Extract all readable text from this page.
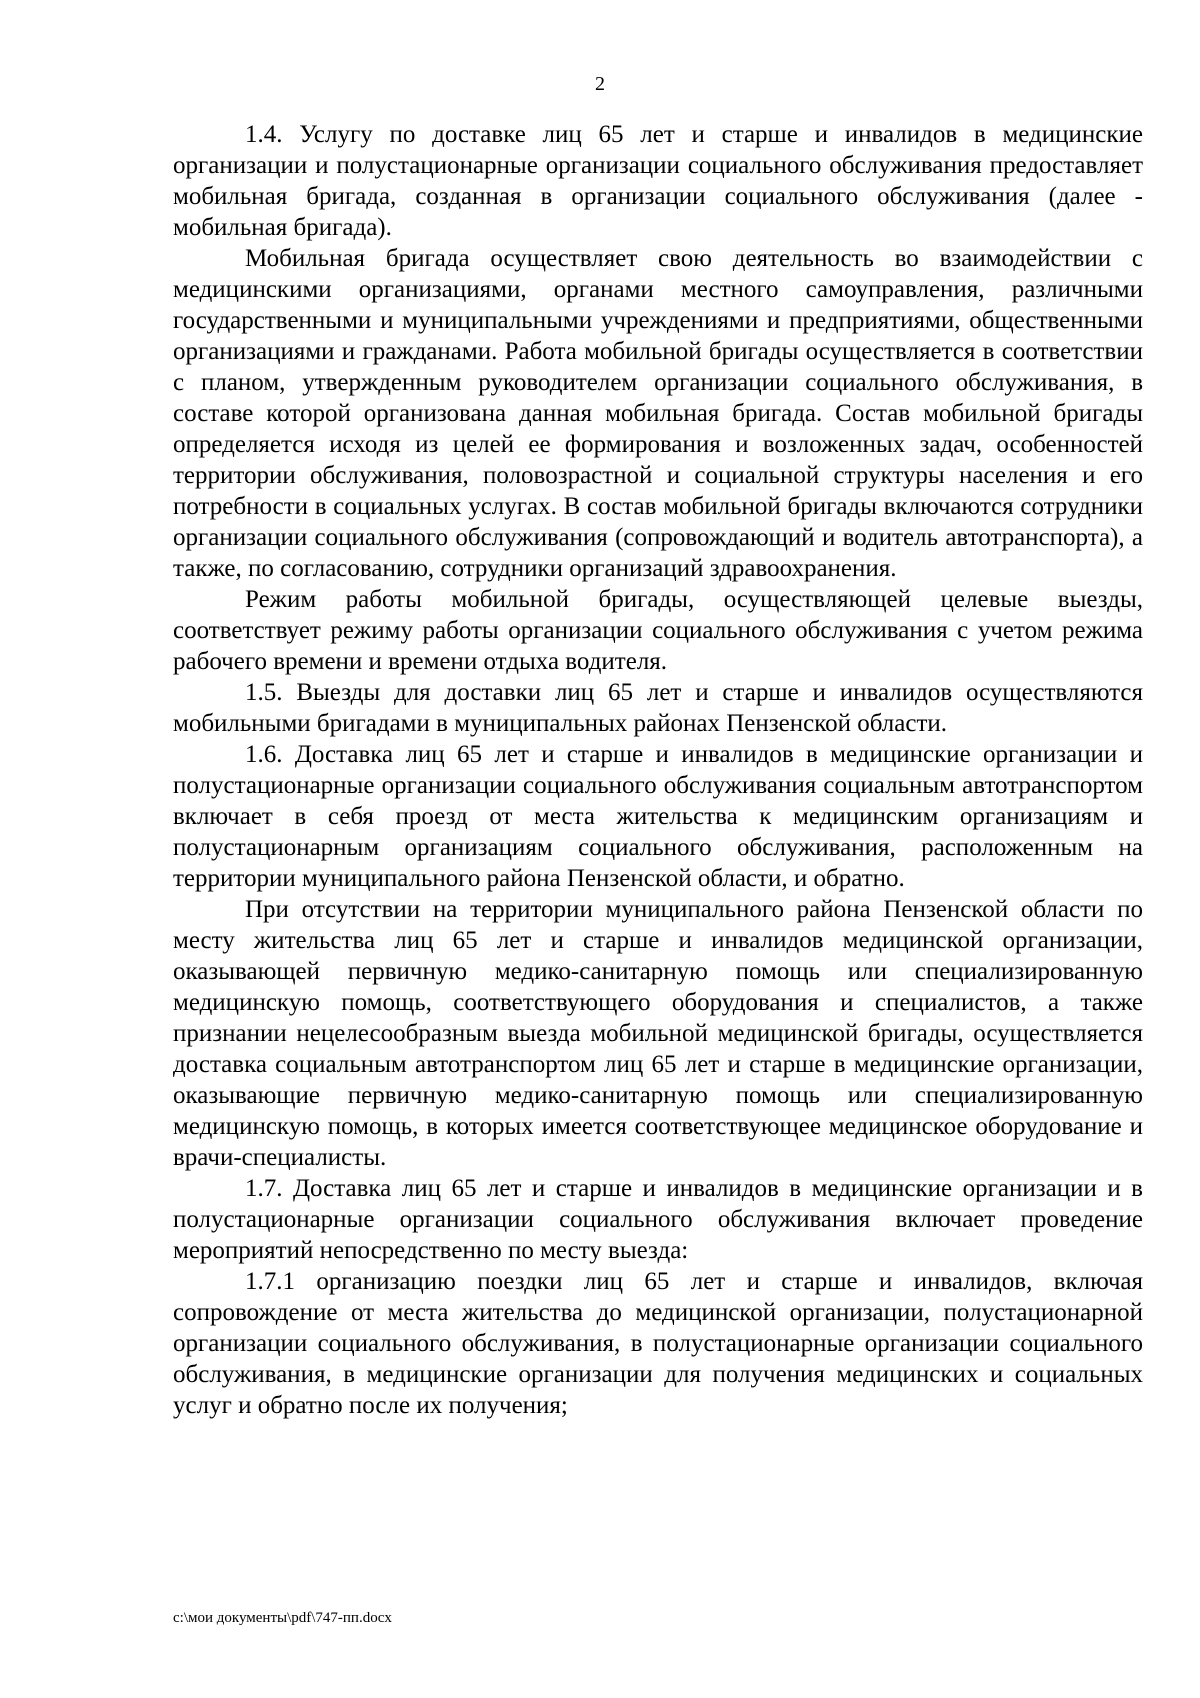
2

1.4. Услугу по доставке лиц 65 лет и старше и инвалидов в медицинские организации и полустационарные организации социального обслуживания предоставляет мобильная бригада, созданная в организации социального обслуживания (далее - мобильная бригада).

Мобильная бригада осуществляет свою деятельность во взаимодействии с медицинскими организациями, органами местного самоуправления, различными государственными и муниципальными учреждениями и предприятиями, общественными организациями и гражданами. Работа мобильной бригады осуществляется в соответствии с планом, утвержденным руководителем организации социального обслуживания, в составе которой организована данная мобильная бригада. Состав мобильной бригады определяется исходя из целей ее формирования и возложенных задач, особенностей территории обслуживания, половозрастной и социальной структуры населения и его потребности в социальных услугах. В состав мобильной бригады включаются сотрудники организации социального обслуживания (сопровождающий и водитель автотранспорта), а также, по согласованию, сотрудники организаций здравоохранения.

Режим работы мобильной бригады, осуществляющей целевые выезды, соответствует режиму работы организации социального обслуживания с учетом режима рабочего времени и времени отдыха водителя.

1.5. Выезды для доставки лиц 65 лет и старше и инвалидов осуществляются мобильными бригадами в муниципальных районах Пензенской области.

1.6. Доставка лиц 65 лет и старше и инвалидов в медицинские организации и полустационарные организации социального обслуживания социальным автотранспортом включает в себя проезд от места жительства к медицинским организациям и полустационарным организациям социального обслуживания, расположенным на территории муниципального района Пензенской области, и обратно.

При отсутствии на территории муниципального района Пензенской области по месту жительства лиц 65 лет и старше и инвалидов медицинской организации, оказывающей первичную медико-санитарную помощь или специализированную медицинскую помощь, соответствующего оборудования и специалистов, а также признании нецелесообразным выезда мобильной медицинской бригады, осуществляется доставка социальным автотранспортом лиц 65 лет и старше в медицинские организации, оказывающие первичную медико-санитарную помощь или специализированную медицинскую помощь, в которых имеется соответствующее медицинское оборудование и врачи-специалисты.

1.7. Доставка лиц 65 лет и старше и инвалидов в медицинские организации и в полустационарные организации социального обслуживания включает проведение мероприятий непосредственно по месту выезда:

1.7.1 организацию поездки лиц 65 лет и старше и инвалидов, включая сопровождение от места жительства до медицинской организации, полустационарной организации социального обслуживания, в полустационарные организации социального обслуживания, в медицинские организации для получения медицинских и социальных услуг и обратно после их получения;

c:\мои документы\pdf\747-пп.docx
